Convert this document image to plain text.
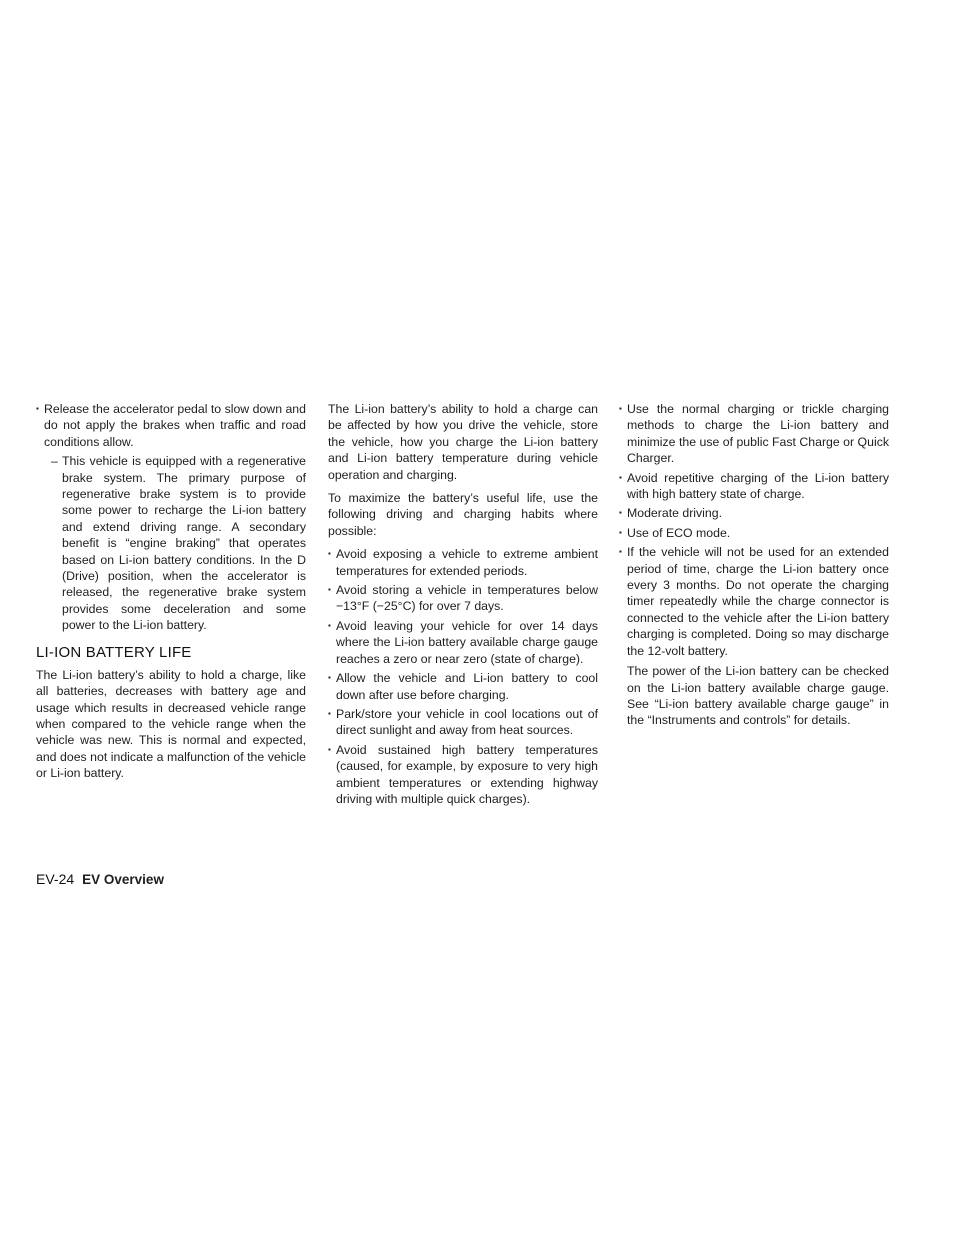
▪ Release the accelerator pedal to slow down and do not apply the brakes when traffic and road conditions allow.
– This vehicle is equipped with a regenerative brake system. The primary purpose of regenerative brake system is to provide some power to recharge the Li-ion battery and extend driving range. A secondary benefit is “engine braking” that operates based on Li-ion battery conditions. In the D (Drive) position, when the accelerator is released, the regenerative brake system provides some deceleration and some power to the Li-ion battery.
LI-ION BATTERY LIFE

The Li-ion battery’s ability to hold a charge, like all batteries, decreases with battery age and usage which results in decreased vehicle range when compared to the vehicle range when the vehicle was new. This is normal and expected, and does not indicate a malfunction of the vehicle or Li-ion battery.

The Li-ion battery’s ability to hold a charge can be affected by how you drive the vehicle, store the vehicle, how you charge the Li-ion battery and Li-ion battery temperature during vehicle operation and charging.

To maximize the battery’s useful life, use the following driving and charging habits where possible:

▪ Avoid exposing a vehicle to extreme ambient temperatures for extended periods.
▪ Avoid storing a vehicle in temperatures below −13°F (−25°C) for over 7 days.
▪ Avoid leaving your vehicle for over 14 days where the Li-ion battery available charge gauge reaches a zero or near zero (state of charge).
▪ Allow the vehicle and Li-ion battery to cool down after use before charging.
▪ Park/store your vehicle in cool locations out of direct sunlight and away from heat sources.
▪ Avoid sustained high battery temperatures (caused, for example, by exposure to very high ambient temperatures or extending highway driving with multiple quick charges).
▪ Use the normal charging or trickle charging methods to charge the Li-ion battery and minimize the use of public Fast Charge or Quick Charger.
▪ Avoid repetitive charging of the Li-ion battery with high battery state of charge.
▪ Moderate driving.
▪ Use of ECO mode.
▪ If the vehicle will not be used for an extended period of time, charge the Li-ion battery once every 3 months. Do not operate the charging timer repeatedly while the charge connector is connected to the vehicle after the Li-ion battery charging is completed. Doing so may discharge the 12-volt battery.

The power of the Li-ion battery can be checked on the Li-ion battery available charge gauge. See “Li-ion battery available charge gauge” in the “Instruments and controls” for details.

EV-24 EV Overview
